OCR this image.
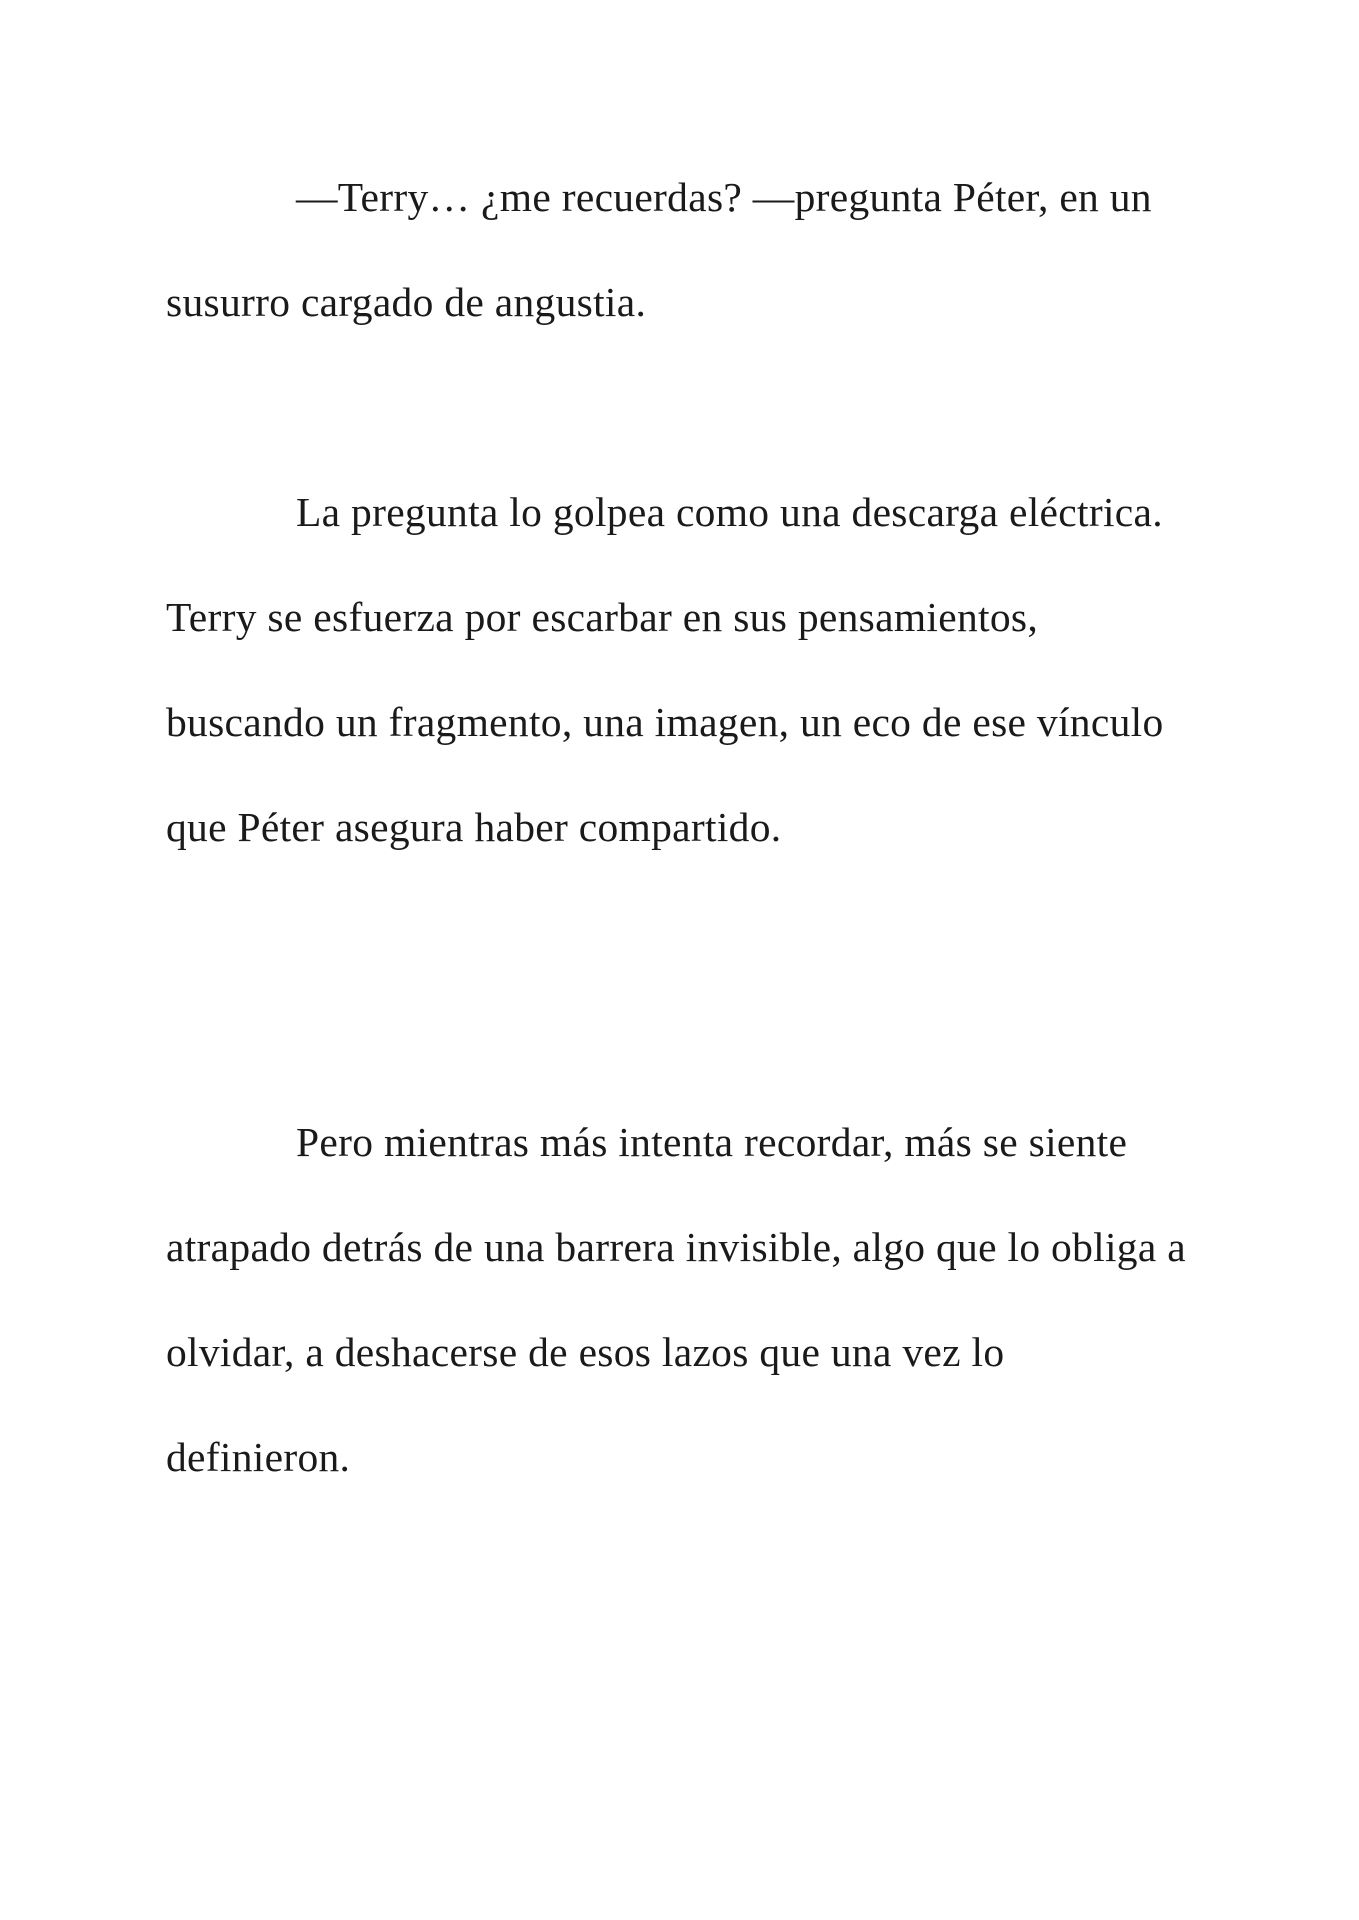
—Terry… ¿me recuerdas? —pregunta Péter, en un susurro cargado de angustia.

La pregunta lo golpea como una descarga eléctrica. Terry se esfuerza por escarbar en sus pensamientos, buscando un fragmento, una imagen, un eco de ese vínculo que Péter asegura haber compartido.

Pero mientras más intenta recordar, más se siente atrapado detrás de una barrera invisible, algo que lo obliga a olvidar, a deshacerse de esos lazos que una vez lo definieron.
